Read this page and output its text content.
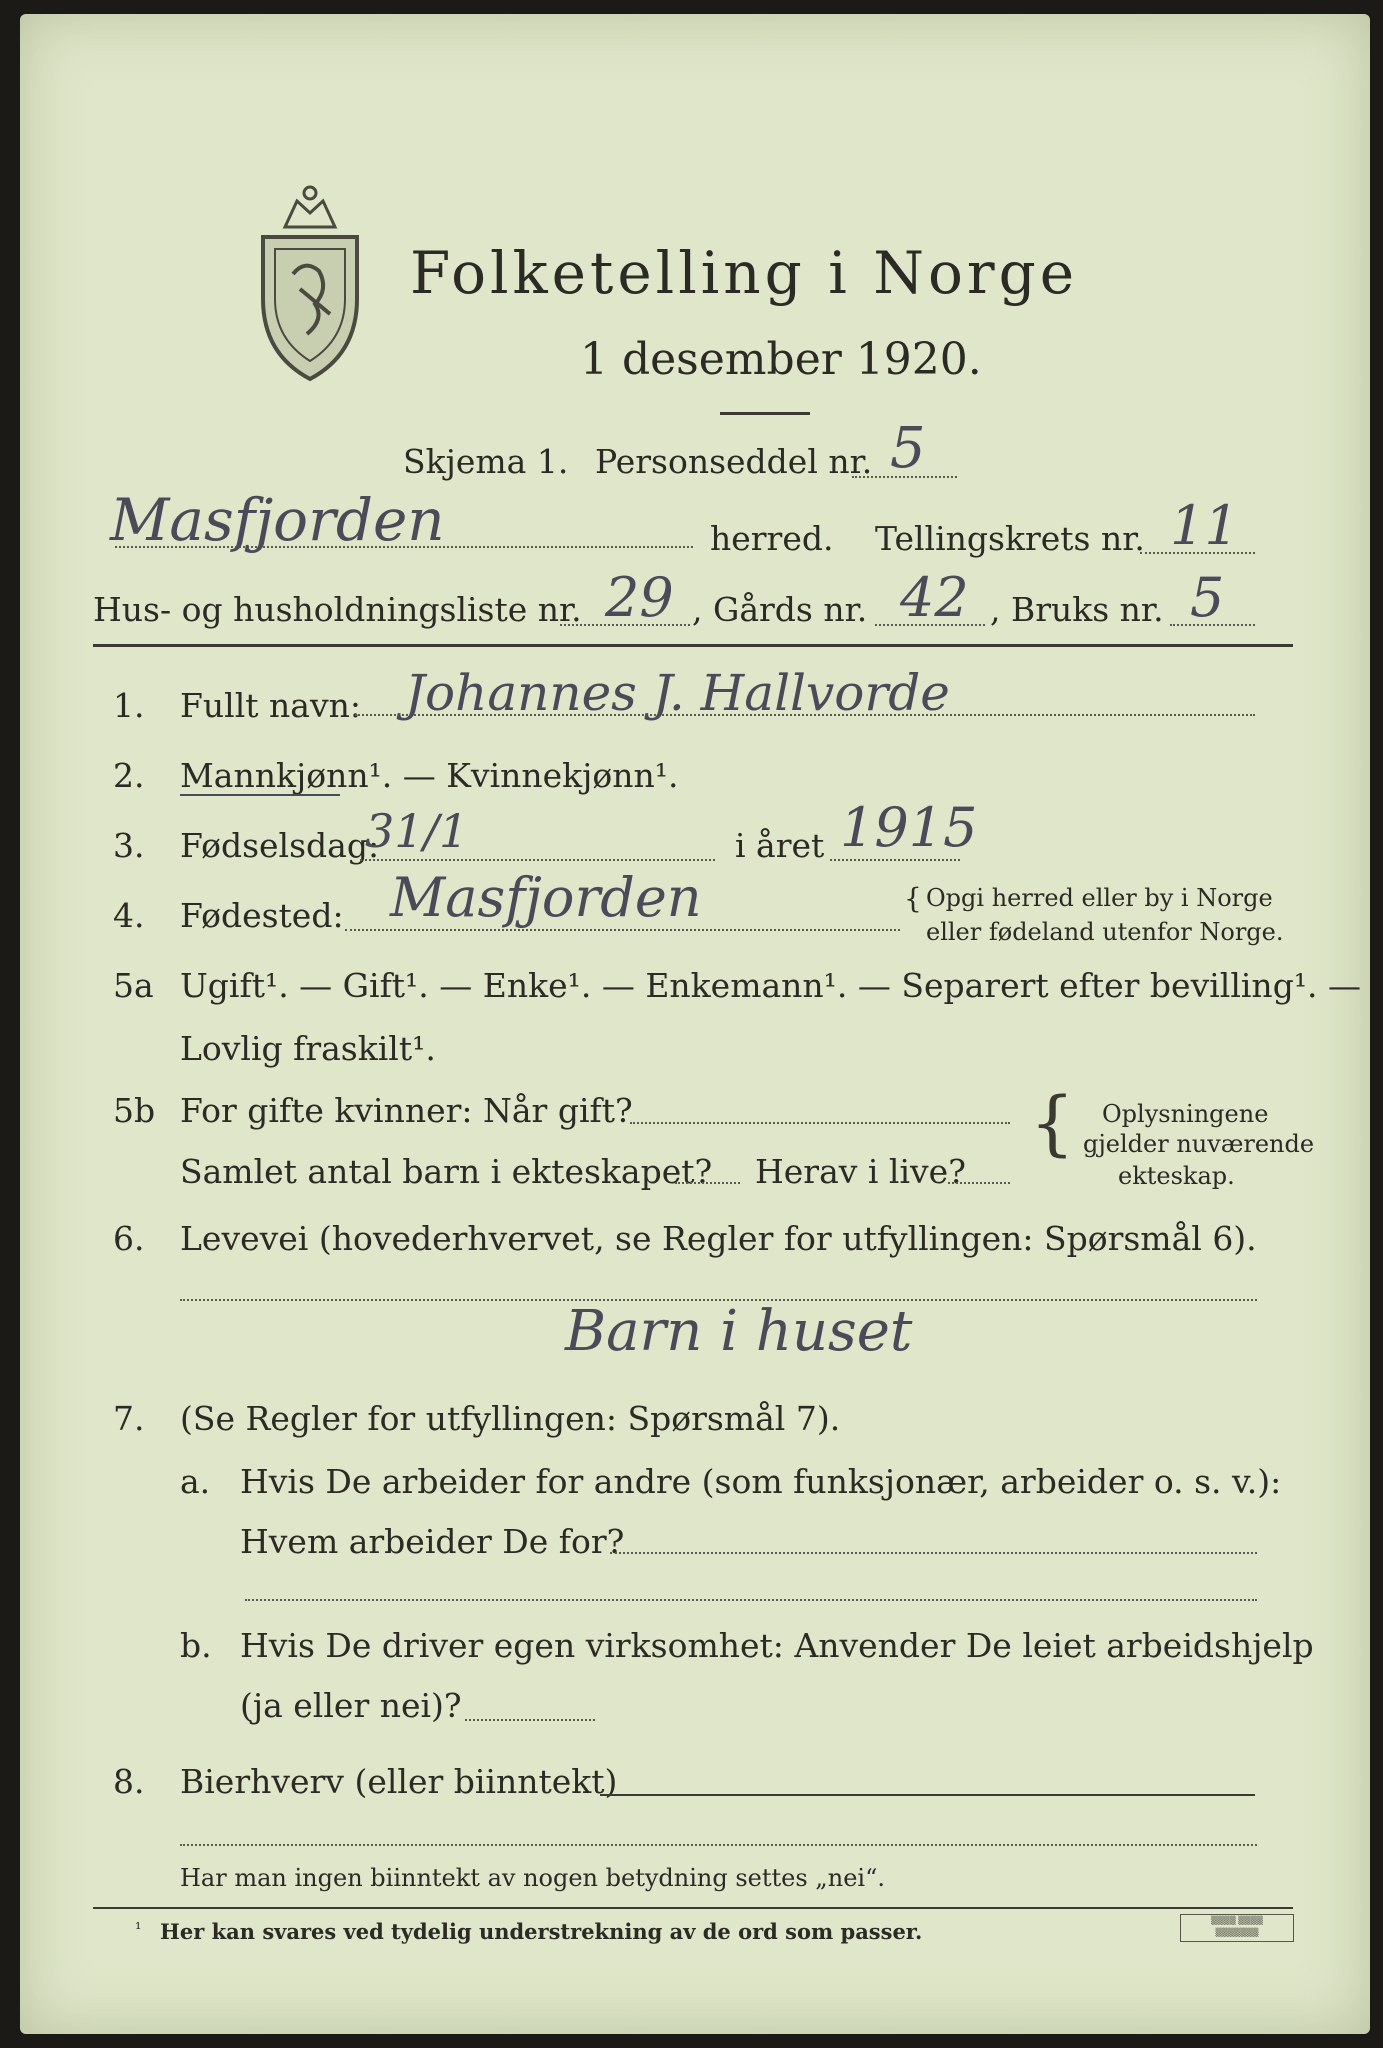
Folketelling i Norge
1 desember 1920.
Skjema 1. Personseddel nr. 5
Masfjorden	herred. Tellingskrets nr. 11
Hus- og husholdningsliste nr. 29 , Gårds nr. 42 , Bruks nr. 5
1. Fullt navn: Johannes J. Hallvorde
2. Mannkjønn¹. — Kvinnekjønn¹.
3. Fødselsdag:
31/1	i året 1915
4. Fødested: Masfjorden	{ Opgi herred eller by i Norge
eller fødeland utenfor Norge.
5a Ugift¹. — Gift¹. — Enke¹. — Enkemann¹. — Separert efter bevilling¹. —
Lovlig fraskilt¹.
5b For gifte kvinner: Når gift?
Samlet antal barn i ekteskapet? Herav i live?
{ Oplysningene
gjelder nuværende
ekteskap.
6. Levevei (hovederhvervet, se Regler for utfyllingen: Spørsmål 6).
Barn i huset
7. (Se Regler for utfyllingen: Spørsmål 7).
a. Hvis De arbeider for andre (som funksjonær, arbeider o. s. v.):
Hvem arbeider De for?
b. Hvis De driver egen virksomhet: Anvender De leiet arbeidshjelp
(ja eller nei)?
8. Bierhverv (eller biinntekt)
Har man ingen biinntekt av nogen betydning settes „nei“.
¹ Her kan svares ved tydelig understrekning av de ord som passer.	▒▒▒▒ ▒▒▒▒
▒▒▒▒▒▒▒
